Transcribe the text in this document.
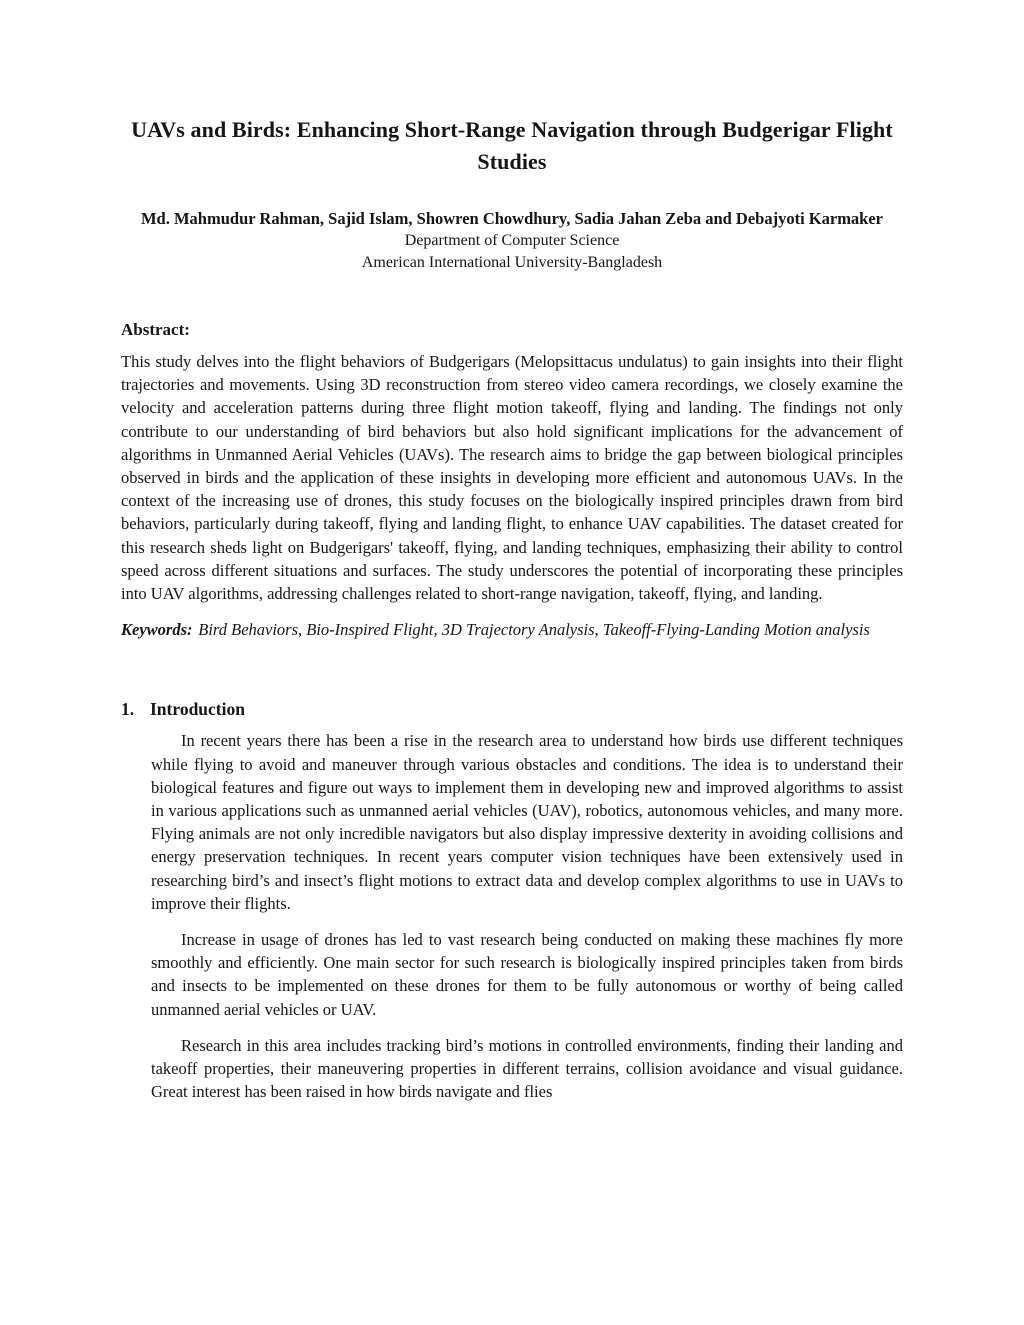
UAVs and Birds: Enhancing Short-Range Navigation through Budgerigar Flight Studies
Md. Mahmudur Rahman, Sajid Islam, Showren Chowdhury, Sadia Jahan Zeba and Debajyoti Karmaker
Department of Computer Science
American International University-Bangladesh
Abstract:

This study delves into the flight behaviors of Budgerigars (Melopsittacus undulatus) to gain insights into their flight trajectories and movements. Using 3D reconstruction from stereo video camera recordings, we closely examine the velocity and acceleration patterns during three flight motion takeoff, flying and landing. The findings not only contribute to our understanding of bird behaviors but also hold significant implications for the advancement of algorithms in Unmanned Aerial Vehicles (UAVs). The research aims to bridge the gap between biological principles observed in birds and the application of these insights in developing more efficient and autonomous UAVs. In the context of the increasing use of drones, this study focuses on the biologically inspired principles drawn from bird behaviors, particularly during takeoff, flying and landing flight, to enhance UAV capabilities. The dataset created for this research sheds light on Budgerigars' takeoff, flying, and landing techniques, emphasizing their ability to control speed across different situations and surfaces. The study underscores the potential of incorporating these principles into UAV algorithms, addressing challenges related to short-range navigation, takeoff, flying, and landing.

Keywords: Bird Behaviors, Bio-Inspired Flight, 3D Trajectory Analysis, Takeoff-Flying-Landing Motion analysis

1. Introduction

In recent years there has been a rise in the research area to understand how birds use different techniques while flying to avoid and maneuver through various obstacles and conditions. The idea is to understand their biological features and figure out ways to implement them in developing new and improved algorithms to assist in various applications such as unmanned aerial vehicles (UAV), robotics, autonomous vehicles, and many more. Flying animals are not only incredible navigators but also display impressive dexterity in avoiding collisions and energy preservation techniques. In recent years computer vision techniques have been extensively used in researching bird’s and insect’s flight motions to extract data and develop complex algorithms to use in UAVs to improve their flights.

Increase in usage of drones has led to vast research being conducted on making these machines fly more smoothly and efficiently. One main sector for such research is biologically inspired principles taken from birds and insects to be implemented on these drones for them to be fully autonomous or worthy of being called unmanned aerial vehicles or UAV.

Research in this area includes tracking bird’s motions in controlled environments, finding their landing and takeoff properties, their maneuvering properties in different terrains, collision avoidance and visual guidance. Great interest has been raised in how birds navigate and flies
